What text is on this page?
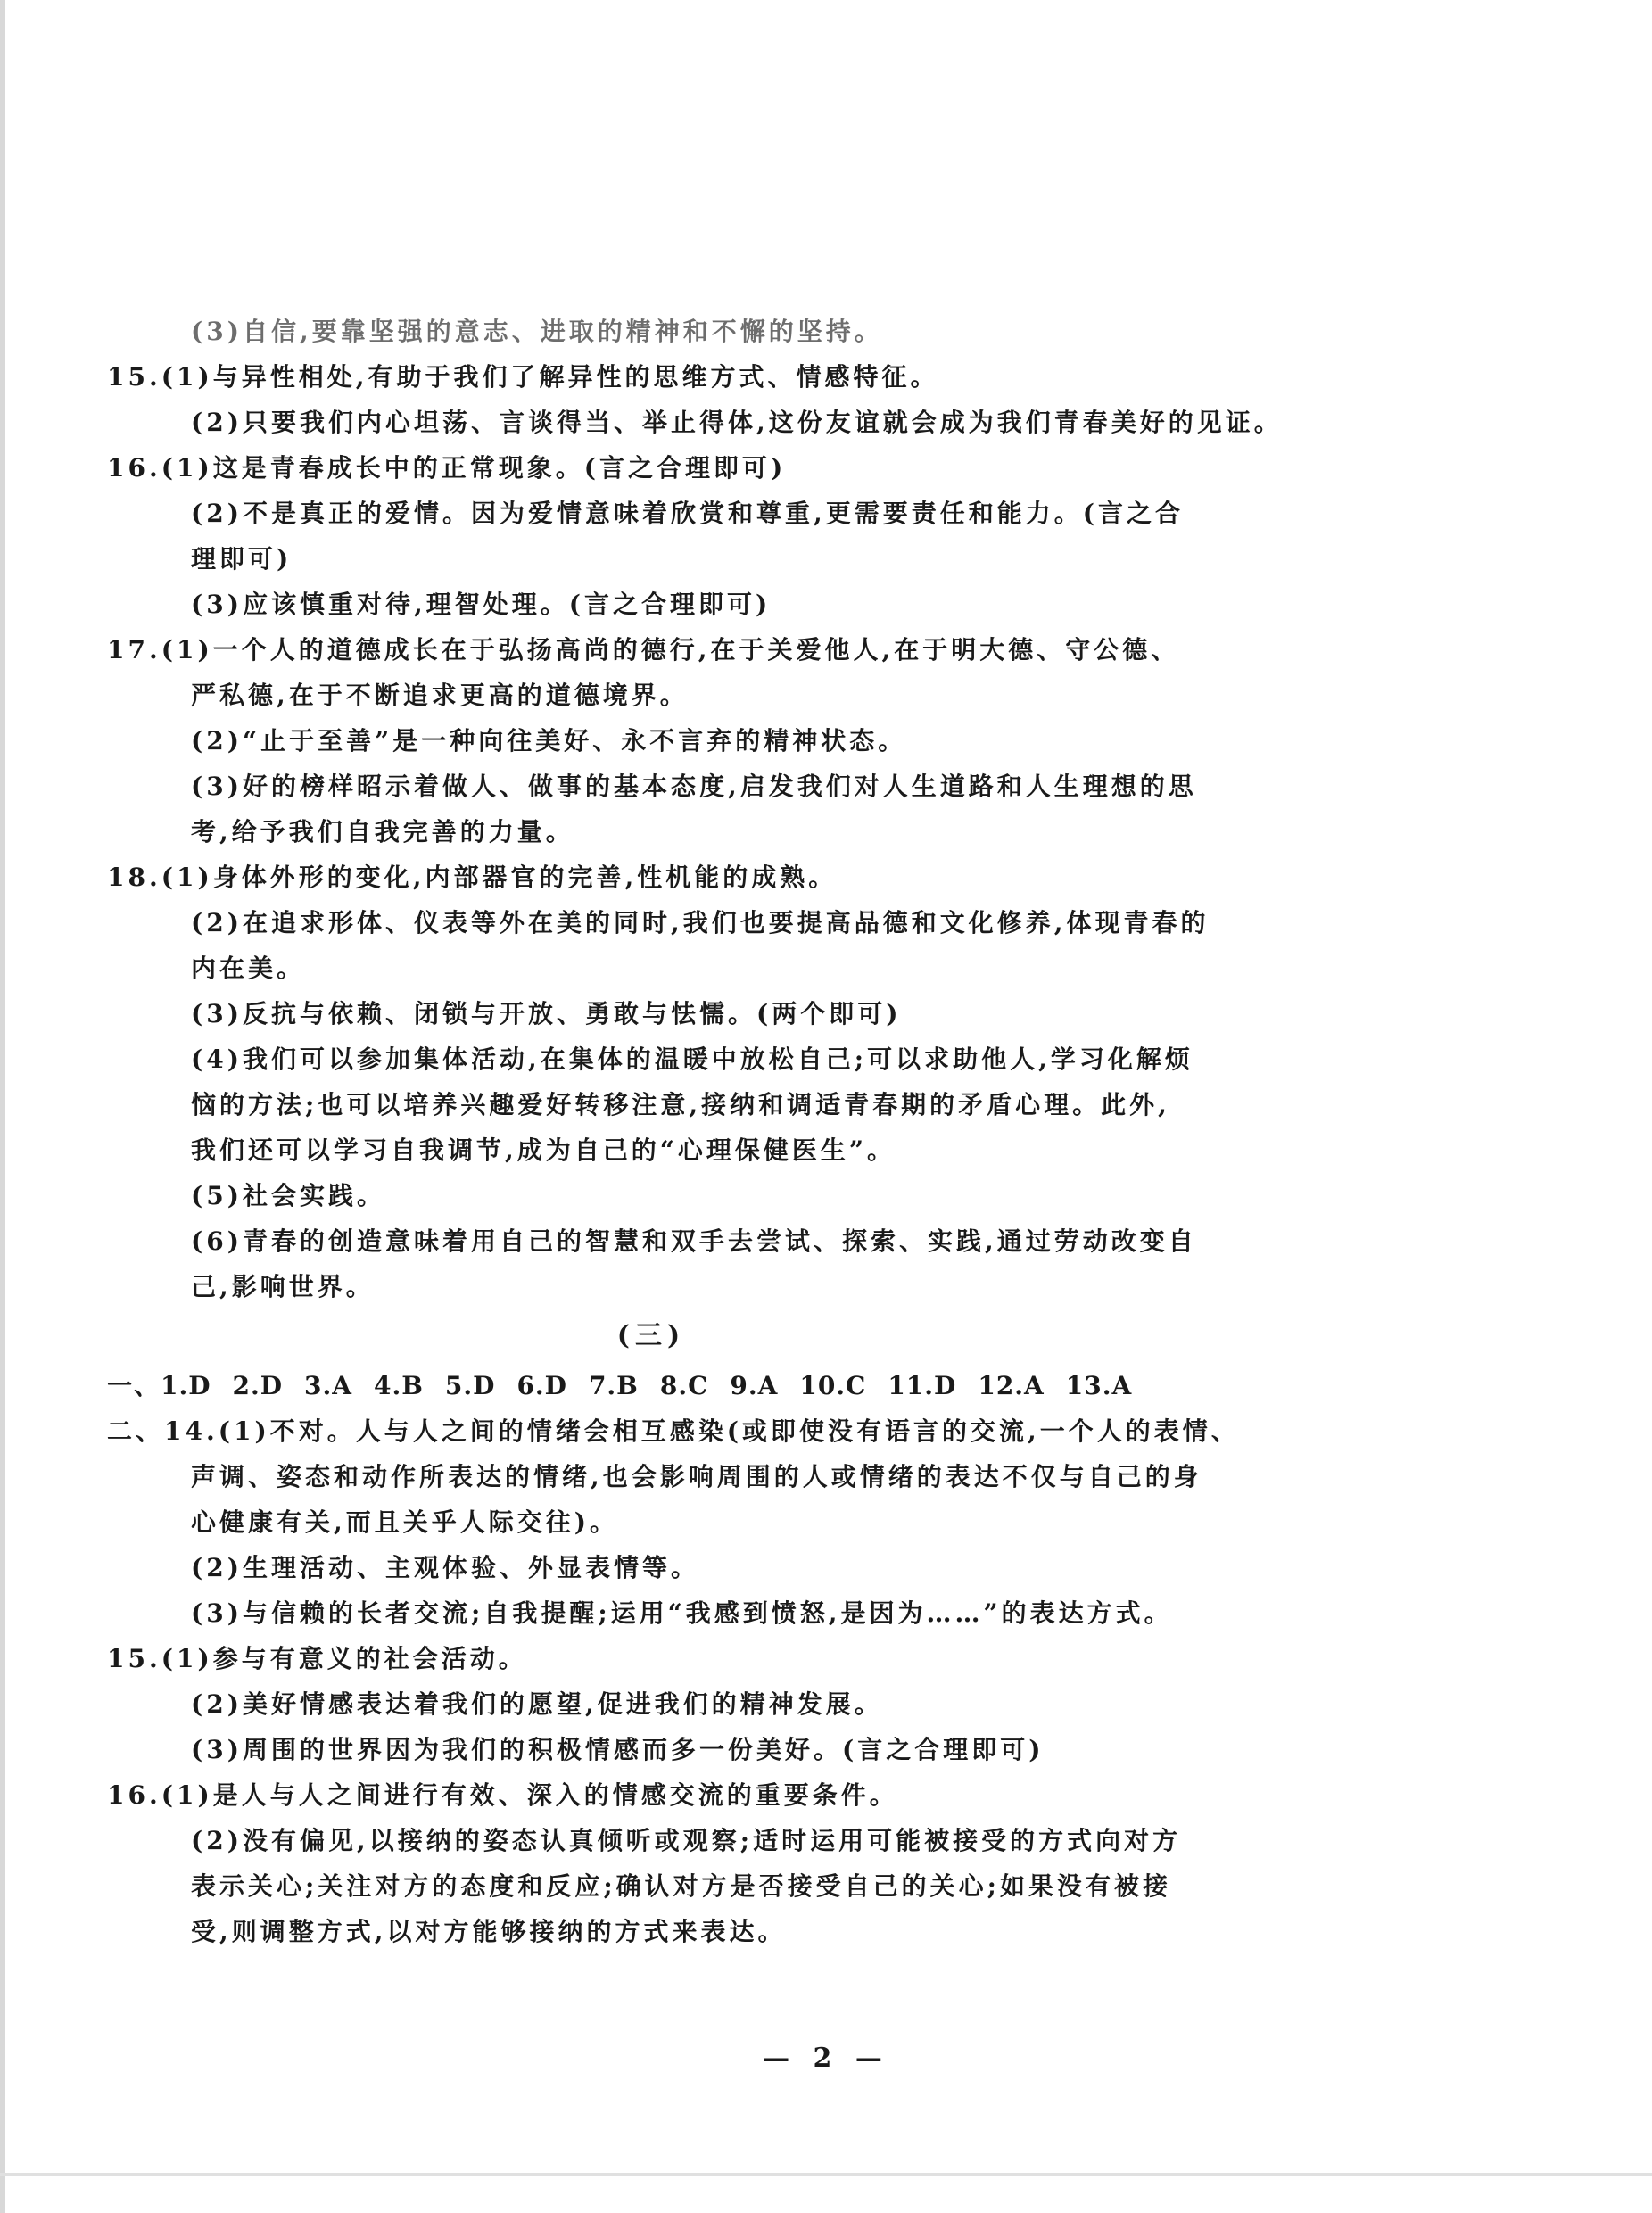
(3)自信,要靠坚强的意志、进取的精神和不懈的坚持。
15.(1)与异性相处,有助于我们了解异性的思维方式、情感特征。
(2)只要我们内心坦荡、言谈得当、举止得体,这份友谊就会成为我们青春美好的见证。
16.(1)这是青春成长中的正常现象。(言之合理即可)
(2)不是真正的爱情。因为爱情意味着欣赏和尊重,更需要责任和能力。(言之合
理即可)
(3)应该慎重对待,理智处理。(言之合理即可)
17.(1)一个人的道德成长在于弘扬高尚的德行,在于关爱他人,在于明大德、守公德、
严私德,在于不断追求更高的道德境界。
(2)“止于至善”是一种向往美好、永不言弃的精神状态。
(3)好的榜样昭示着做人、做事的基本态度,启发我们对人生道路和人生理想的思
考,给予我们自我完善的力量。
18.(1)身体外形的变化,内部器官的完善,性机能的成熟。
(2)在追求形体、仪表等外在美的同时,我们也要提高品德和文化修养,体现青春的
内在美。
(3)反抗与依赖、闭锁与开放、勇敢与怯懦。(两个即可)
(4)我们可以参加集体活动,在集体的温暖中放松自己;可以求助他人,学习化解烦
恼的方法;也可以培养兴趣爱好转移注意,接纳和调适青春期的矛盾心理。此外,
我们还可以学习自我调节,成为自己的“心理保健医生”。
(5)社会实践。
(6)青春的创造意味着用自己的智慧和双手去尝试、探索、实践,通过劳动改变自
己,影响世界。
(三)
一、1.D 2.D 3.A 4.B 5.D 6.D 7.B 8.C 9.A 10.C 11.D 12.A 13.A
二、14.(1)不对。人与人之间的情绪会相互感染(或即使没有语言的交流,一个人的表情、
声调、姿态和动作所表达的情绪,也会影响周围的人或情绪的表达不仅与自己的身
心健康有关,而且关乎人际交往)。
(2)生理活动、主观体验、外显表情等。
(3)与信赖的长者交流;自我提醒;运用“我感到愤怒,是因为……”的表达方式。
15.(1)参与有意义的社会活动。
(2)美好情感表达着我们的愿望,促进我们的精神发展。
(3)周围的世界因为我们的积极情感而多一份美好。(言之合理即可)
16.(1)是人与人之间进行有效、深入的情感交流的重要条件。
(2)没有偏见,以接纳的姿态认真倾听或观察;适时运用可能被接受的方式向对方
表示关心;关注对方的态度和反应;确认对方是否接受自己的关心;如果没有被接
受,则调整方式,以对方能够接纳的方式来表达。
— 2 —
